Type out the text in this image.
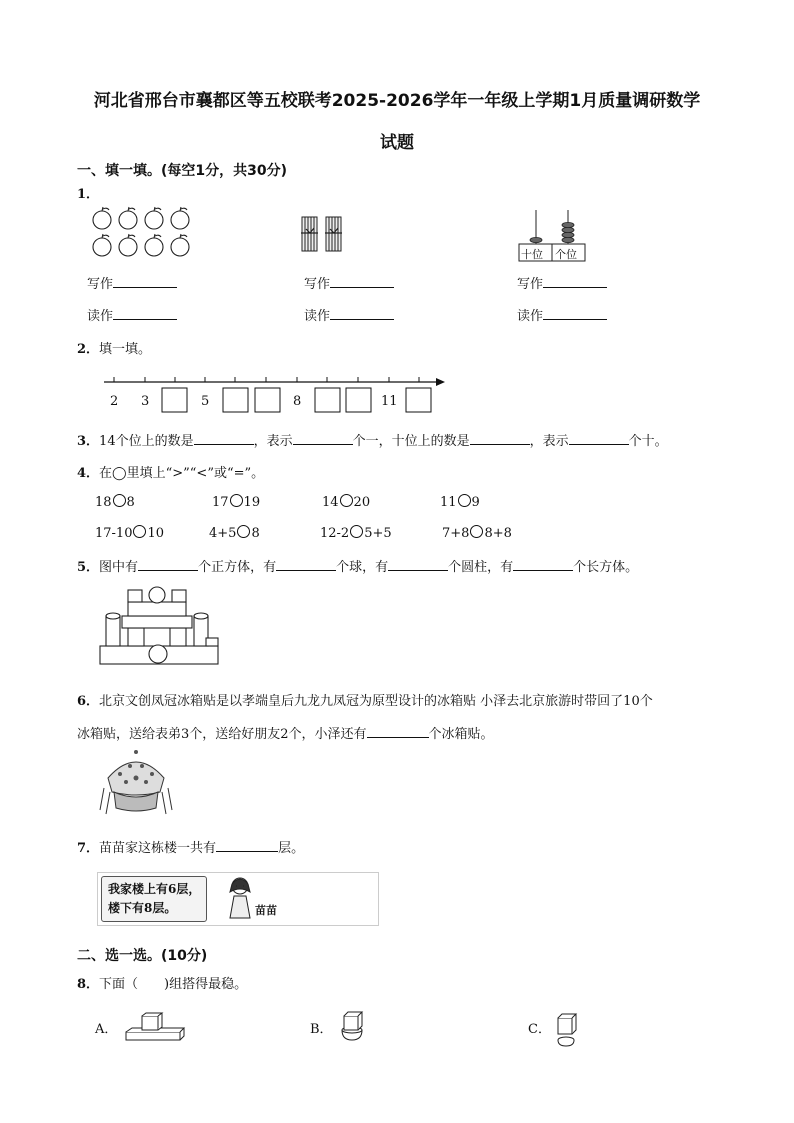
河北省邢台市襄都区等五校联考2025-2026学年一年级上学期1月质量调研数学
试题
一、填一填。(每空1分，共30分)
1．
十位 个位
写作
读作
写作
读作
写作
读作
2．填一填。
2 3	5	8	11
3．14个位上的数是	，表示	个一，十位上的数是	，表示	个十。
4．在◯里填上“>”“<”或“=”。
18 8	17 19	14 20	11 9
17-10 10	4+5 8	12-2 5+5	7+8 8+8
5．图中有	个正方体，有	个球，有	个圆柱，有	个长方体。
6．北京文创凤冠冰箱贴是以孝端皇后九龙九凤冠为原型设计的冰箱贴 小泽去北京旅游时带回了10个
冰箱贴，送给表弟3个，送给好朋友2个，小泽还有	个冰箱贴。
7．苗苗家这栋楼一共有	层。
我家楼上有6层，
楼下有8层。	苗苗
二、选一选。(10分)
8．下面（　　)组搭得最稳。
A．	B．	C．
